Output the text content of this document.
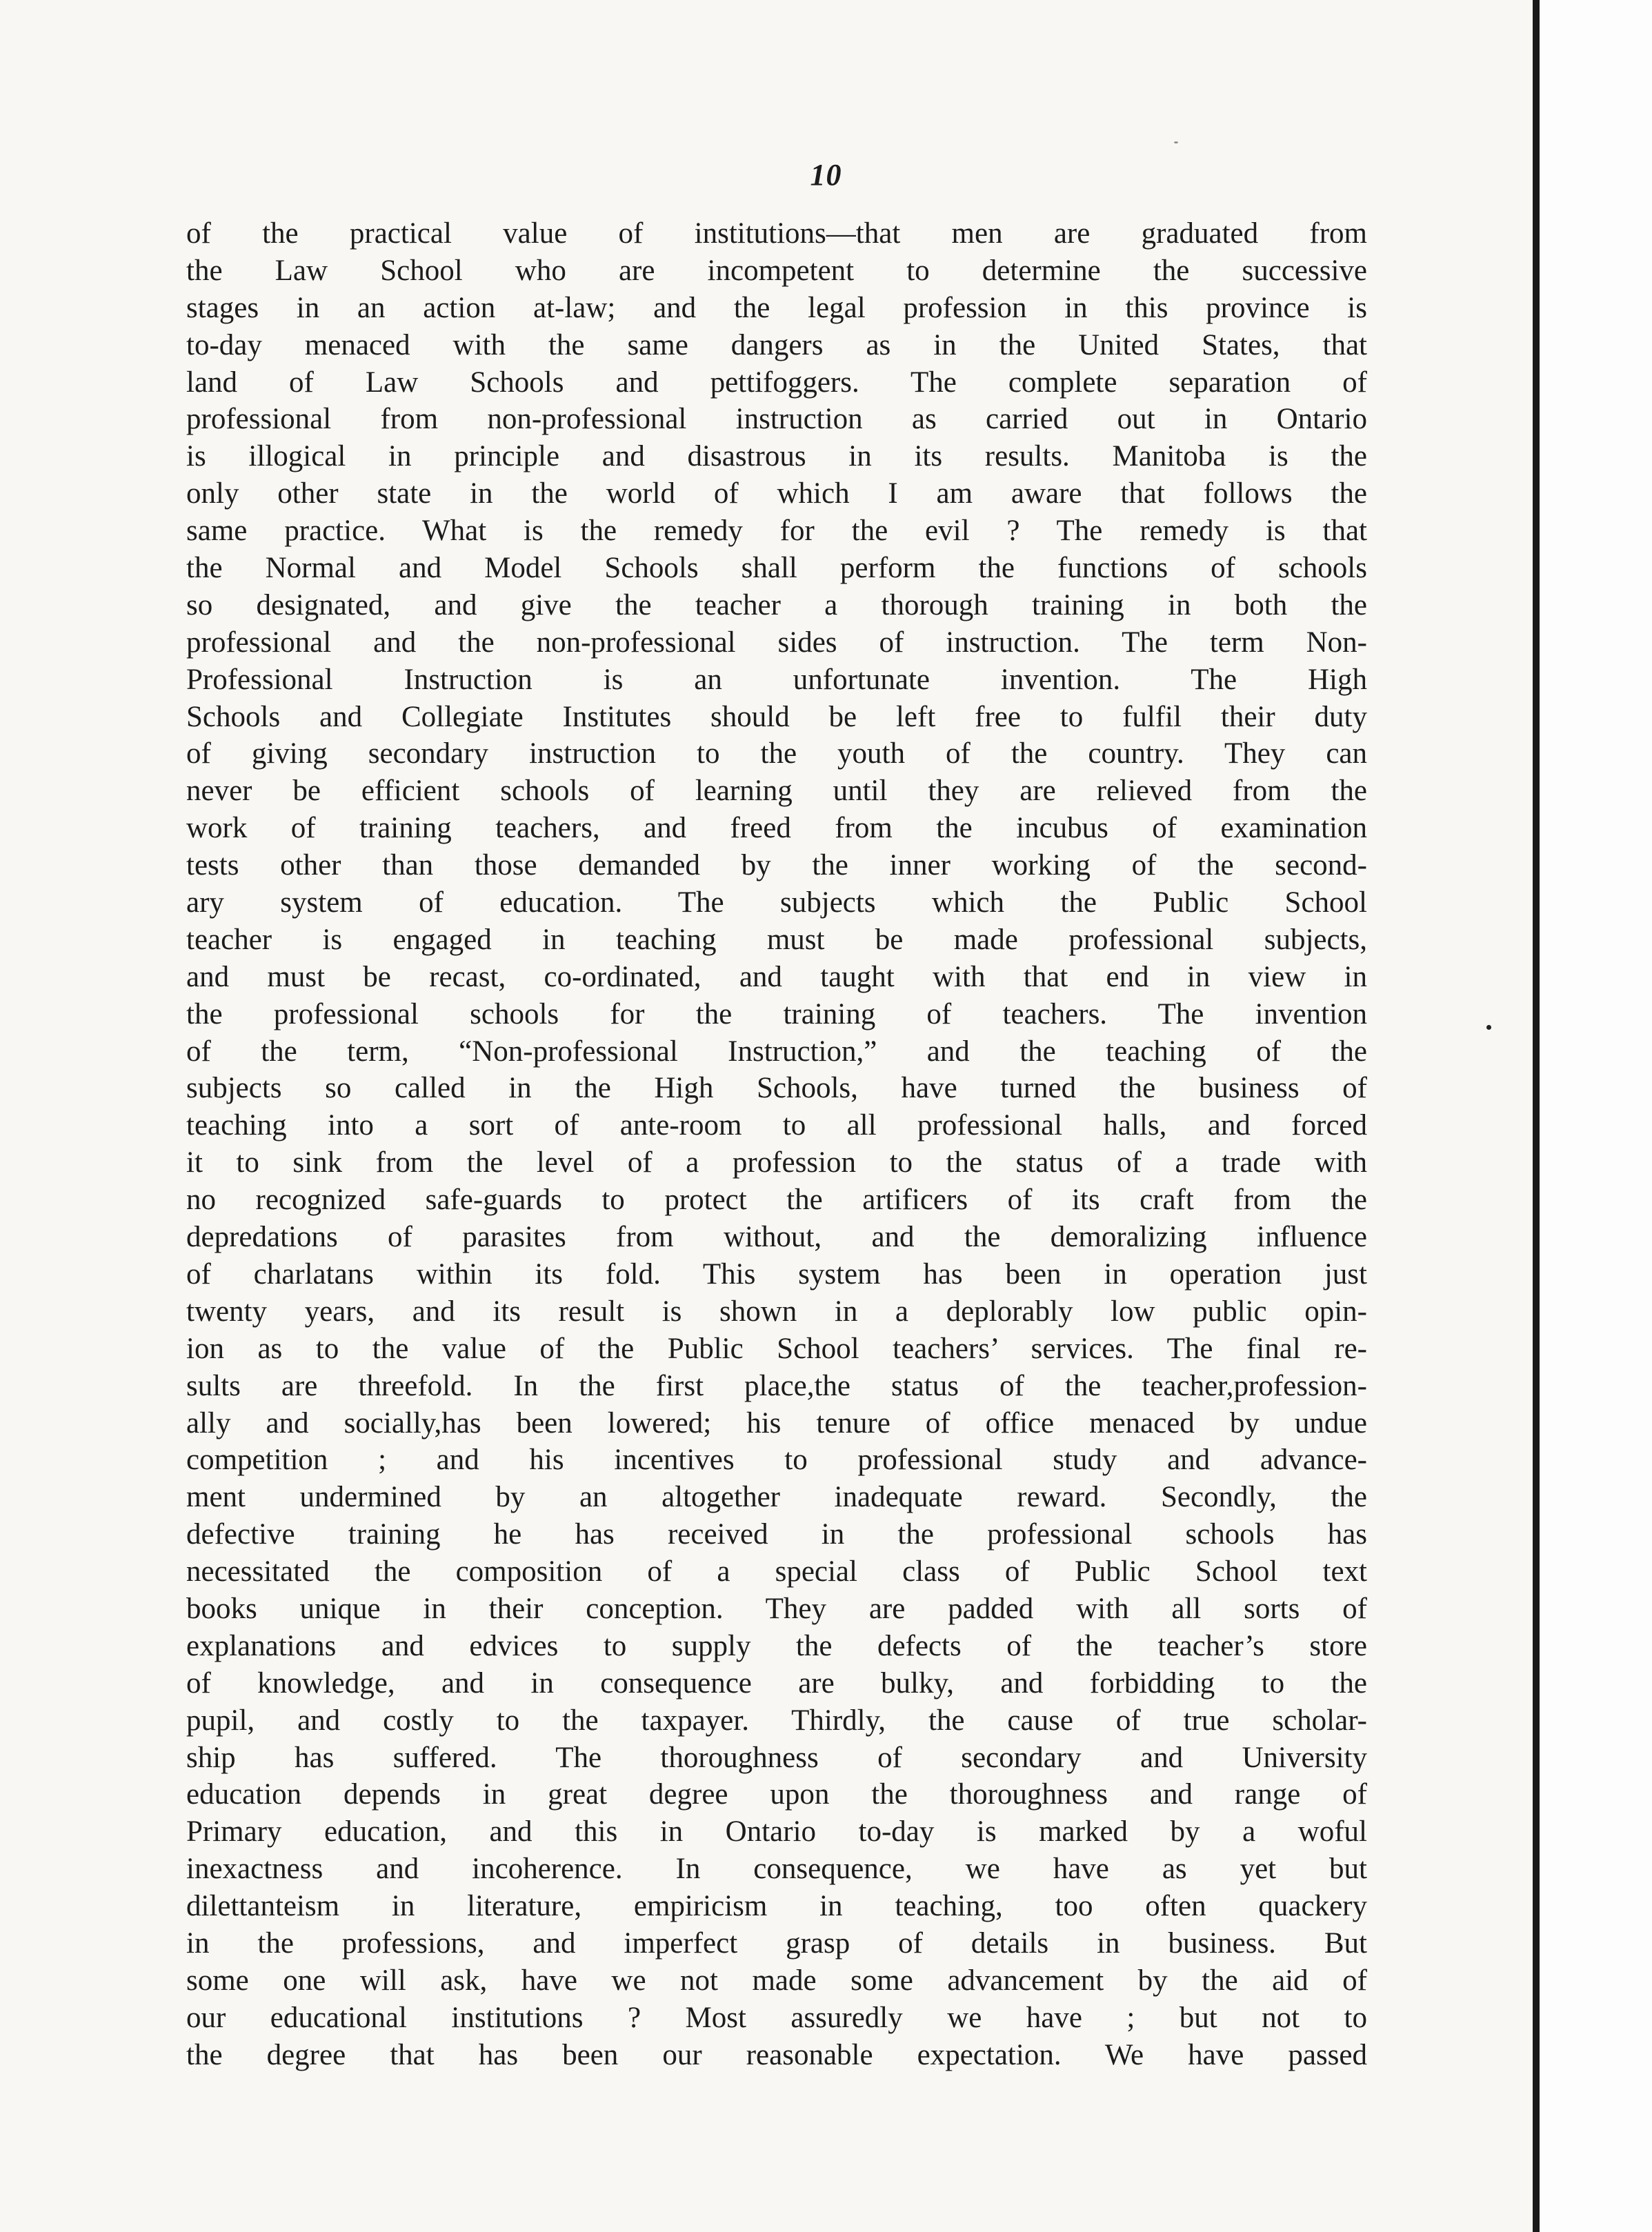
10
of the practical value of institutions—that men are graduated from
the Law School who are incompetent to determine the successive
stages in an action at-law; and the legal profession in this province is
to-day menaced with the same dangers as in the United States, that
land of Law Schools and pettifoggers. The complete separation of
professional from non-professional instruction as carried out in Ontario
is illogical in principle and disastrous in its results. Manitoba is the
only other state in the world of which I am aware that follows the
same practice. What is the remedy for the evil ? The remedy is that
the Normal and Model Schools shall perform the functions of schools
so designated, and give the teacher a thorough training in both the
professional and the non-professional sides of instruction. The term Non-
Professional Instruction is an unfortunate invention. The High
Schools and Collegiate Institutes should be left free to fulfil their duty
of giving secondary instruction to the youth of the country. They can
never be efficient schools of learning until they are relieved from the
work of training teachers, and freed from the incubus of examination
tests other than those demanded by the inner working of the second-
ary system of education. The subjects which the Public School
teacher is engaged in teaching must be made professional subjects,
and must be recast, co-ordinated, and taught with that end in view in
the professional schools for the training of teachers. The invention
of the term, “Non-professional Instruction,” and the teaching of the
subjects so called in the High Schools, have turned the business of
teaching into a sort of ante-room to all professional halls, and forced
it to sink from the level of a profession to the status of a trade with
no recognized safe-guards to protect the artificers of its craft from the
depredations of parasites from without, and the demoralizing influence
of charlatans within its fold. This system has been in operation just
twenty years, and its result is shown in a deplorably low public opin-
ion as to the value of the Public School teachers’ services. The final re-
sults are threefold. In the first place,the status of the teacher,profession-
ally and socially,has been lowered; his tenure of office menaced by undue
competition ; and his incentives to professional study and advance-
ment undermined by an altogether inadequate reward. Secondly, the
defective training he has received in the professional schools has
necessitated the composition of a special class of Public School text
books unique in their conception. They are padded with all sorts of
explanations and edvices to supply the defects of the teacher’s store
of knowledge, and in consequence are bulky, and forbidding to the
pupil, and costly to the taxpayer. Thirdly, the cause of true scholar-
ship has suffered. The thoroughness of secondary and University
education depends in great degree upon the thoroughness and range of
Primary education, and this in Ontario to-day is marked by a woful
inexactness and incoherence. In consequence, we have as yet but
dilettanteism in literature, empiricism in teaching, too often quackery
in the professions, and imperfect grasp of details in business. But
some one will ask, have we not made some advancement by the aid of
our educational institutions ? Most assuredly we have ; but not to
the degree that has been our reasonable expectation. We have passed
